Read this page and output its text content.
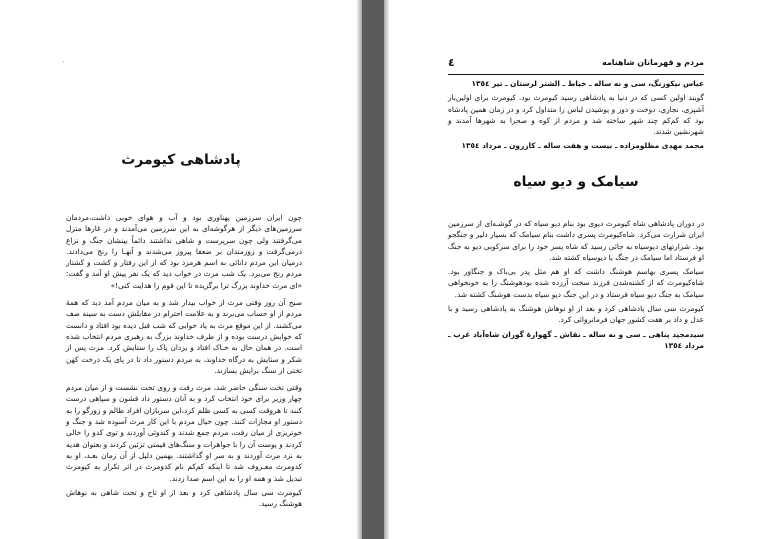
·
پادشاهی کیومرث

چون ایران سرزمین پهناوری بود و آب و هوای خوبی داشت،مردمان سرزمین‌های دیگر از هرگوشه‌ای به این سرزمین می‌آمدند و در غارها منزل می‌گرفتند ولی چون سرپرست و شاهی نداشتند دائماً بینشان جنگ و نزاع درمی‌گرفت و زورمندان بر ضعفا پیروز می‌شدند و آنهـا را رنج می‌دادند. درمیان این مردم دانائی به اسم هرمزد بود که از این رفتار و کشت و کشتار مردم رنج می‌برد. یک شب مرث در خواب دید که یک نفر پیش او آمد و گفت: «ای مرث خداوند بزرگ ترا برگزیده تا این قوم را هدایت کنی!»

صبح آن روز وقتی مرث از خواب بیدار شد و به میان مردم آمد دید که همهٔ مردم از او حساب می‌برند و به علامت احترام در مقابلش دست به سینه صف می‌کشند. از این موقع مرث به یاد خوابی که شب قبل دیده بود افتاد و دانست که خوابش درست بوده و از طرف خداوند بزرگ به رهبری مردم انتخاب شده است. در همان حال به خـاک افتاد و یزدان پاک را ستایش کرد. مرث پس از شکر و ستایش به درگاه خداوند، به مردم دستور داد تا در پای یک درخت کهن تختی از سنگ برایش بسازند.

وقتی تخت سنگی حاضر شد، مرث رفت و روی تخت نشست و از میان مردم چهار وزیر برای خود انتخاب کرد و به آنان دستور داد قشون و سپاهی درست کنند تا هروقت کسی به کسی ظلم کرد،این سربازان افراد ظالم و زورگو را به دستور او مجازات کنند. چون خیال مردم با این کار مرث آسوده شد و جنگ و خونریزی از میان رفت، مردم جمع شدند و کندوئی آوردند و توی کدو را خالی کردند و پوست آن را با جواهرات و سنگ‌های قیمتی تزئین کردند و بعنوان هدیه به نزد مرث آوردند و به سر او گذاشتند. بهمین دلیل از آن زمان بعـد، او به کدومرث معـروف شد تا اینکه کم‌کم نام کدومرث در اثر تکرار به کیومرث تبدیل شد و همه او را به این اسم صدا زدند.

کیومرث سی سال پادشاهی کرد و بعد از او تاج و تخت شاهی به نوهاش هوشنگ رسید.

٤	مردم و قهرمانان شاهنامه

عباس نیکوزنگ، سی و نه ساله ـ خیاط ـ الشتر لرستان ـ تیر ١٣٥٤

گویند اولین کسی که در دنیا به پادشاهی رسید کیومرث بود. کیومرث برای اولین‌بار آشپزی، نجاری، دوخت و دوز و پوشیدن لباس را متداول کرد و در زمان همین پادشاه بود که کم‌کم چند شهر ساخته شد و مردم از کوه و صحرا به شهرها آمدند و شهرنشین شدند.

محمد مهدی مظلومزاده ـ بیست و هفت ساله ـ کازرون ـ مرداد ١٣٥٤

سیامک و دیو سیاه

در دوران پادشاهی شاه کیومرث دیوی بود بنام دیو سیاه که در گوشـه‌ای از سرزمین ایران شرارت می‌کرد. شاه‌کیومرث پسری داشت بنام سیامک که بسیار دلیر و جنگجو بود. شرارتهای دیوسیاه به جائی رسید که شاه پسر خود را برای سرکوبی دیو به جنگ او فرستاد اما سیامک در جنگ با دیوسیاه کشته شد.

سیامک پسری بهاسم هوشنگ داشت که او هم مثل پدر بی‌باک و جنگاور بود. شاه‌کیومرث که از کشته‌شدن فرزند سخت آزرده شده بودهوشنگ را به خونخواهی سیامک به جنگ دیو سیاه فرستاد و در این جنگ دیو سیاه بدست هوشنگ کشته شد.

کیومرث سی سال پادشاهی کرد و بعد از او نوهاش هوشنگ به پادشاهی رسید و با عدل و داد بر هفت کشور جهان فرمانروائی کرد.

سیدمجید پناهی ـ سی و نه ساله ـ نقاش ـ گهوارهٔ گوران شاه‌آباد غرب ـ مرداد ١٣٥٤
